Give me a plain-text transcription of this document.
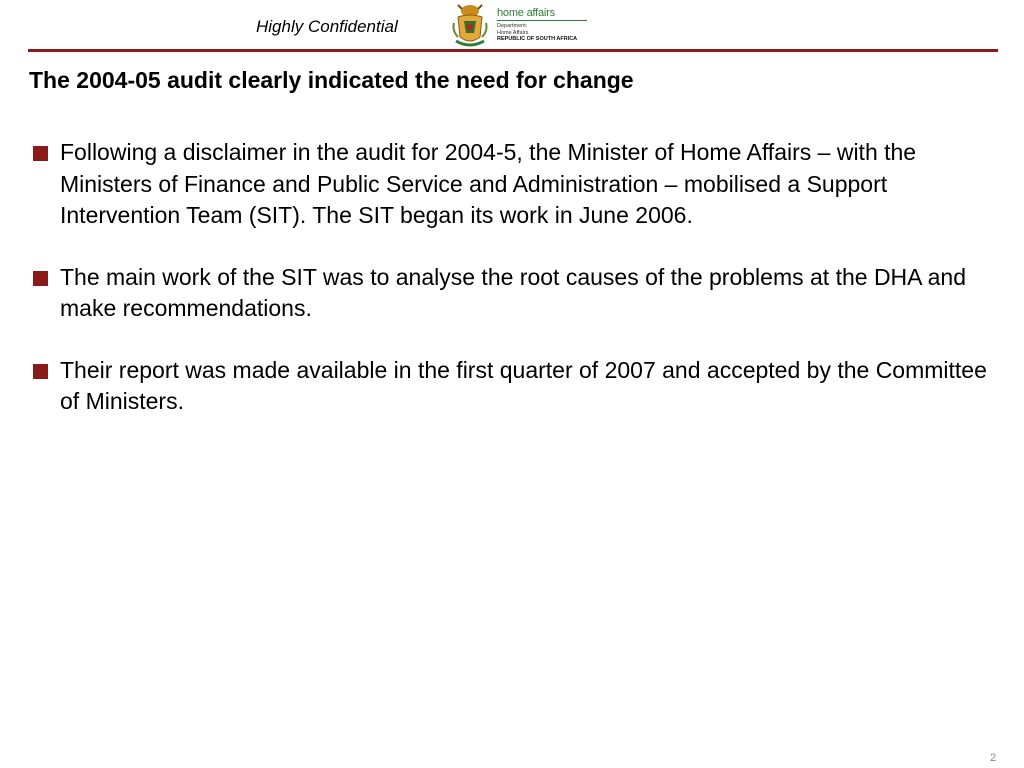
Highly Confidential
home affairs
Department:
Home Affairs
REPUBLIC OF SOUTH AFRICA
The 2004-05 audit clearly indicated the need for change
Following a disclaimer in the audit for 2004-5, the Minister of Home Affairs – with the Ministers of Finance and Public Service and Administration – mobilised a Support Intervention Team (SIT). The SIT began its work in June 2006.
The main work of the SIT was to analyse the root causes of the problems at the DHA and make recommendations.
Their report was made available in the first quarter of 2007 and accepted by the Committee of Ministers.
2
